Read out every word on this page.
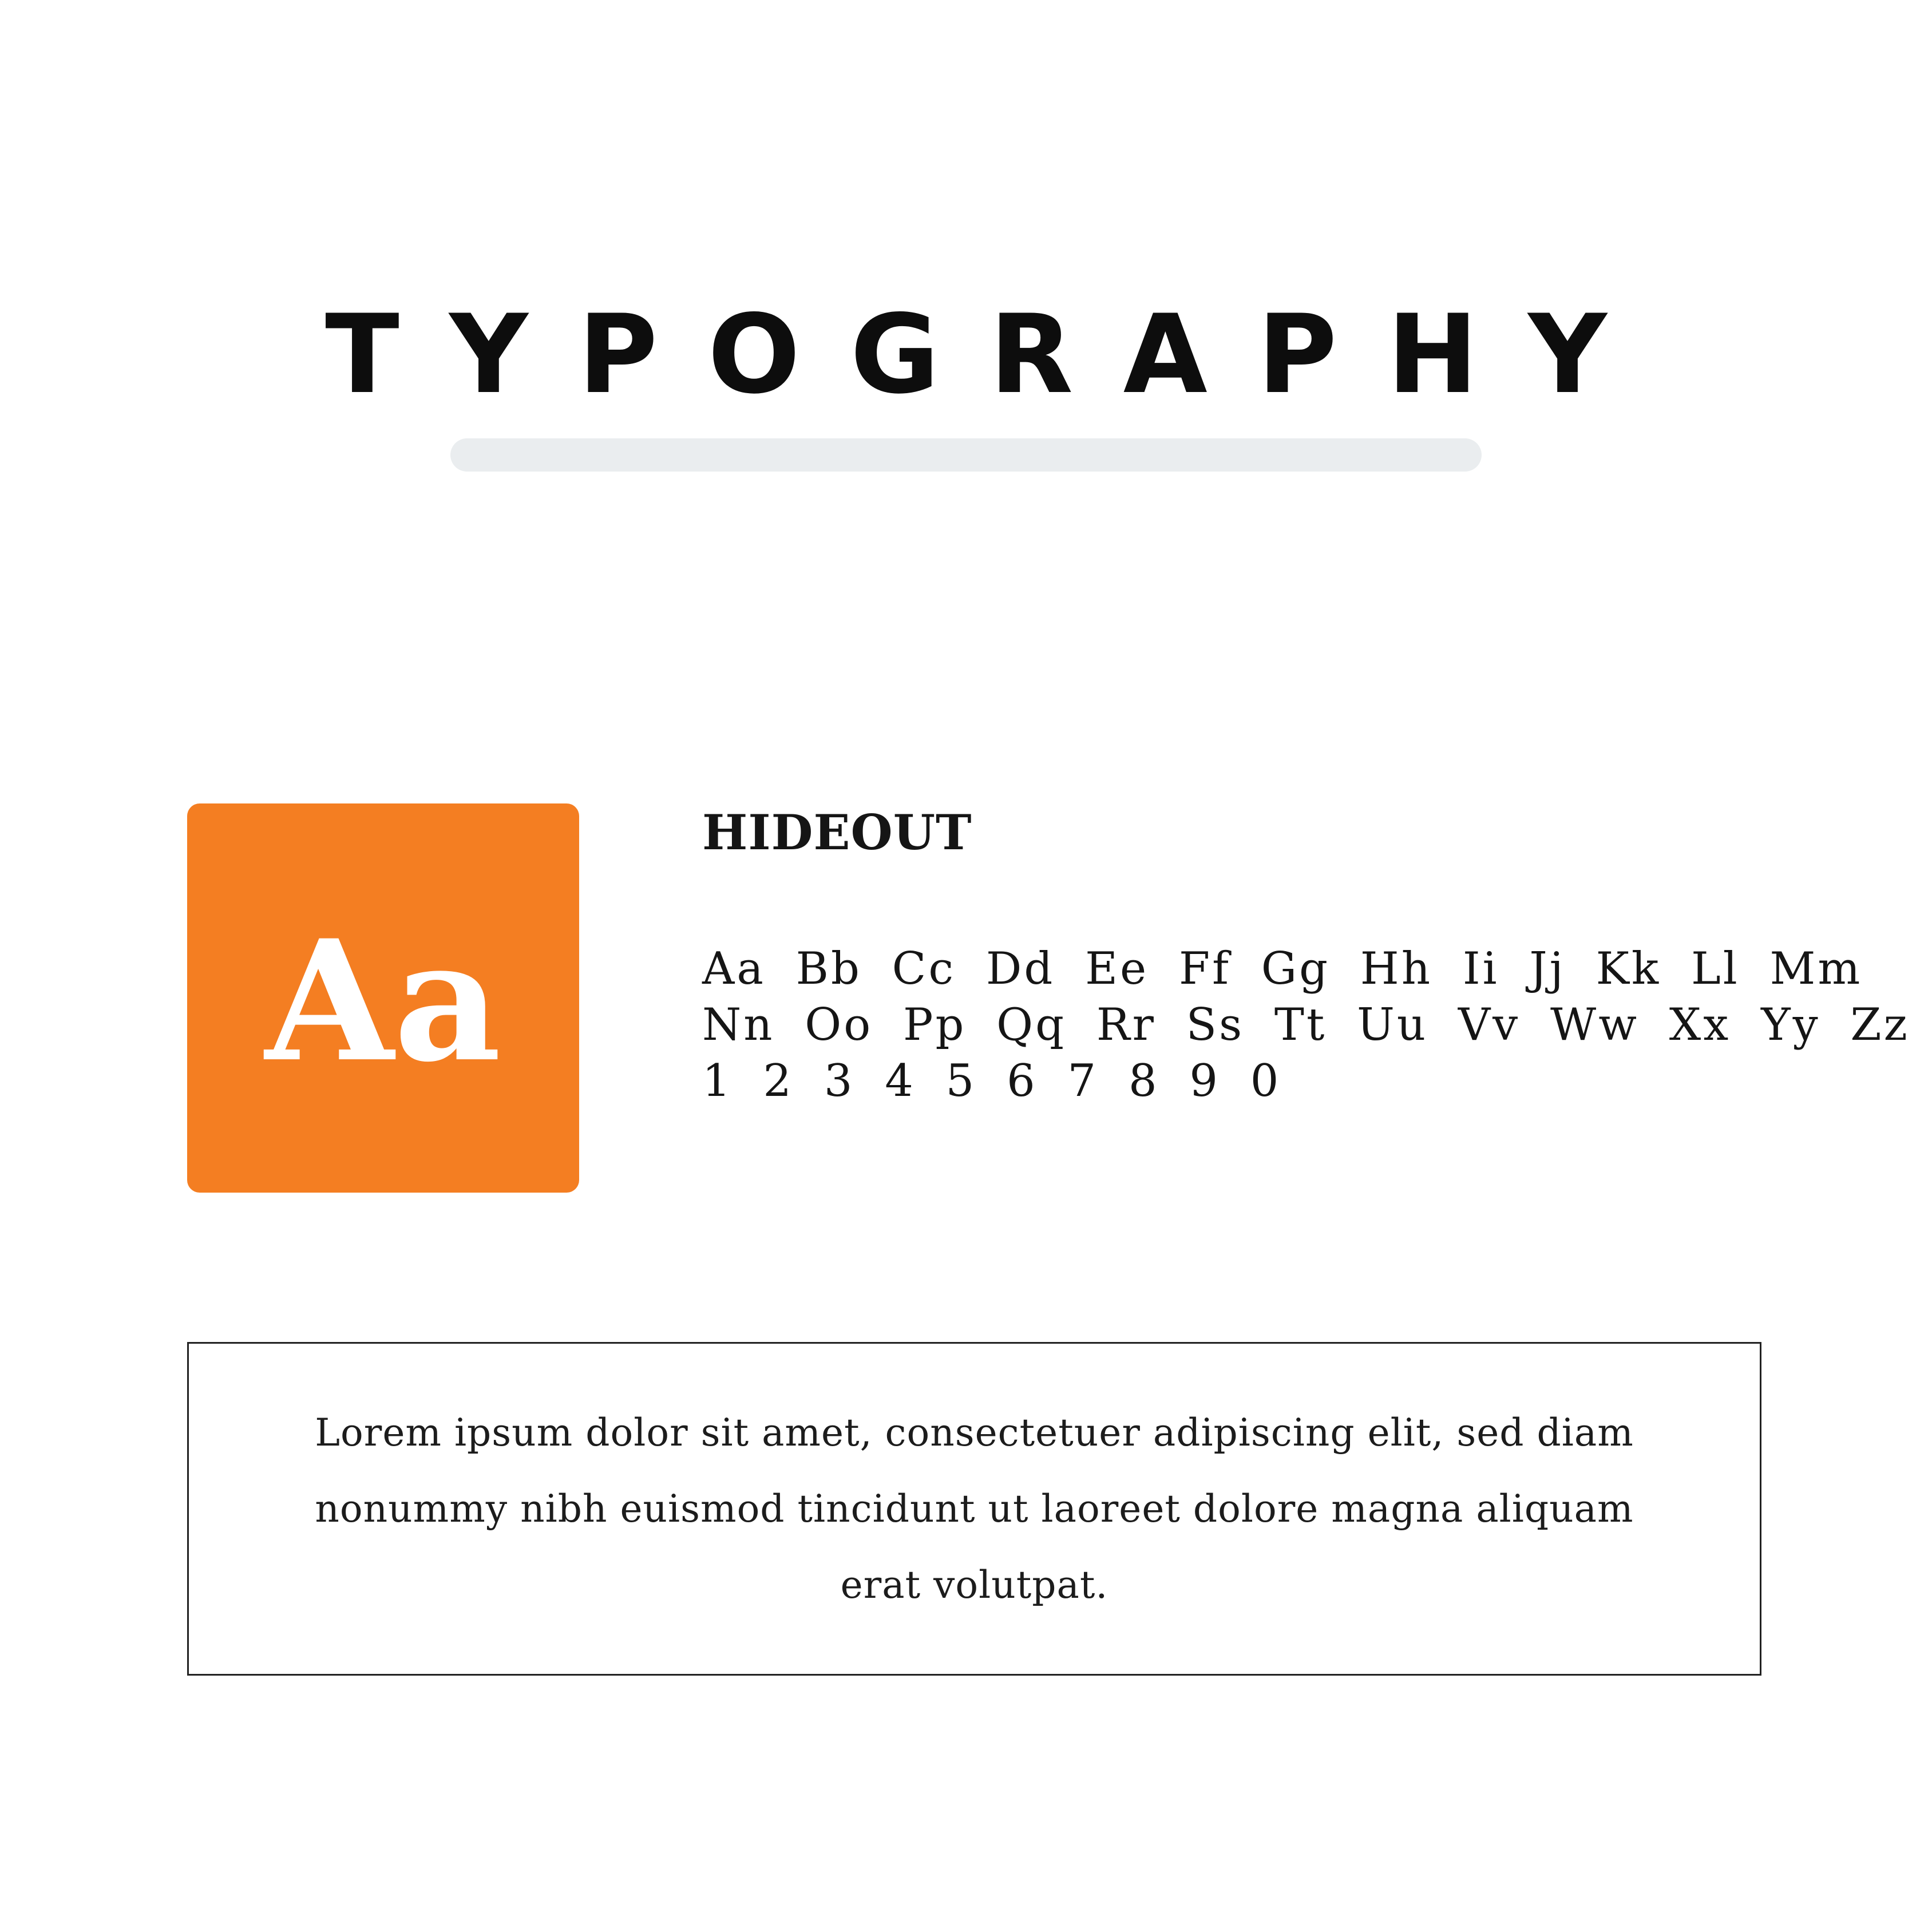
TYPOGRAPHY
Aa
HIDEOUT
Aa Bb Cc Dd Ee Ff Gg Hh Ii Jj Kk Ll Mm
Nn Oo Pp Qq Rr Ss Tt Uu Vv Ww Xx Yy Zz
1 2 3 4 5 6 7 8 9 0
Lorem ipsum dolor sit amet, consectetuer adipiscing elit, sed diam
nonummy nibh euismod tincidunt ut laoreet dolore magna aliquam
erat volutpat.
